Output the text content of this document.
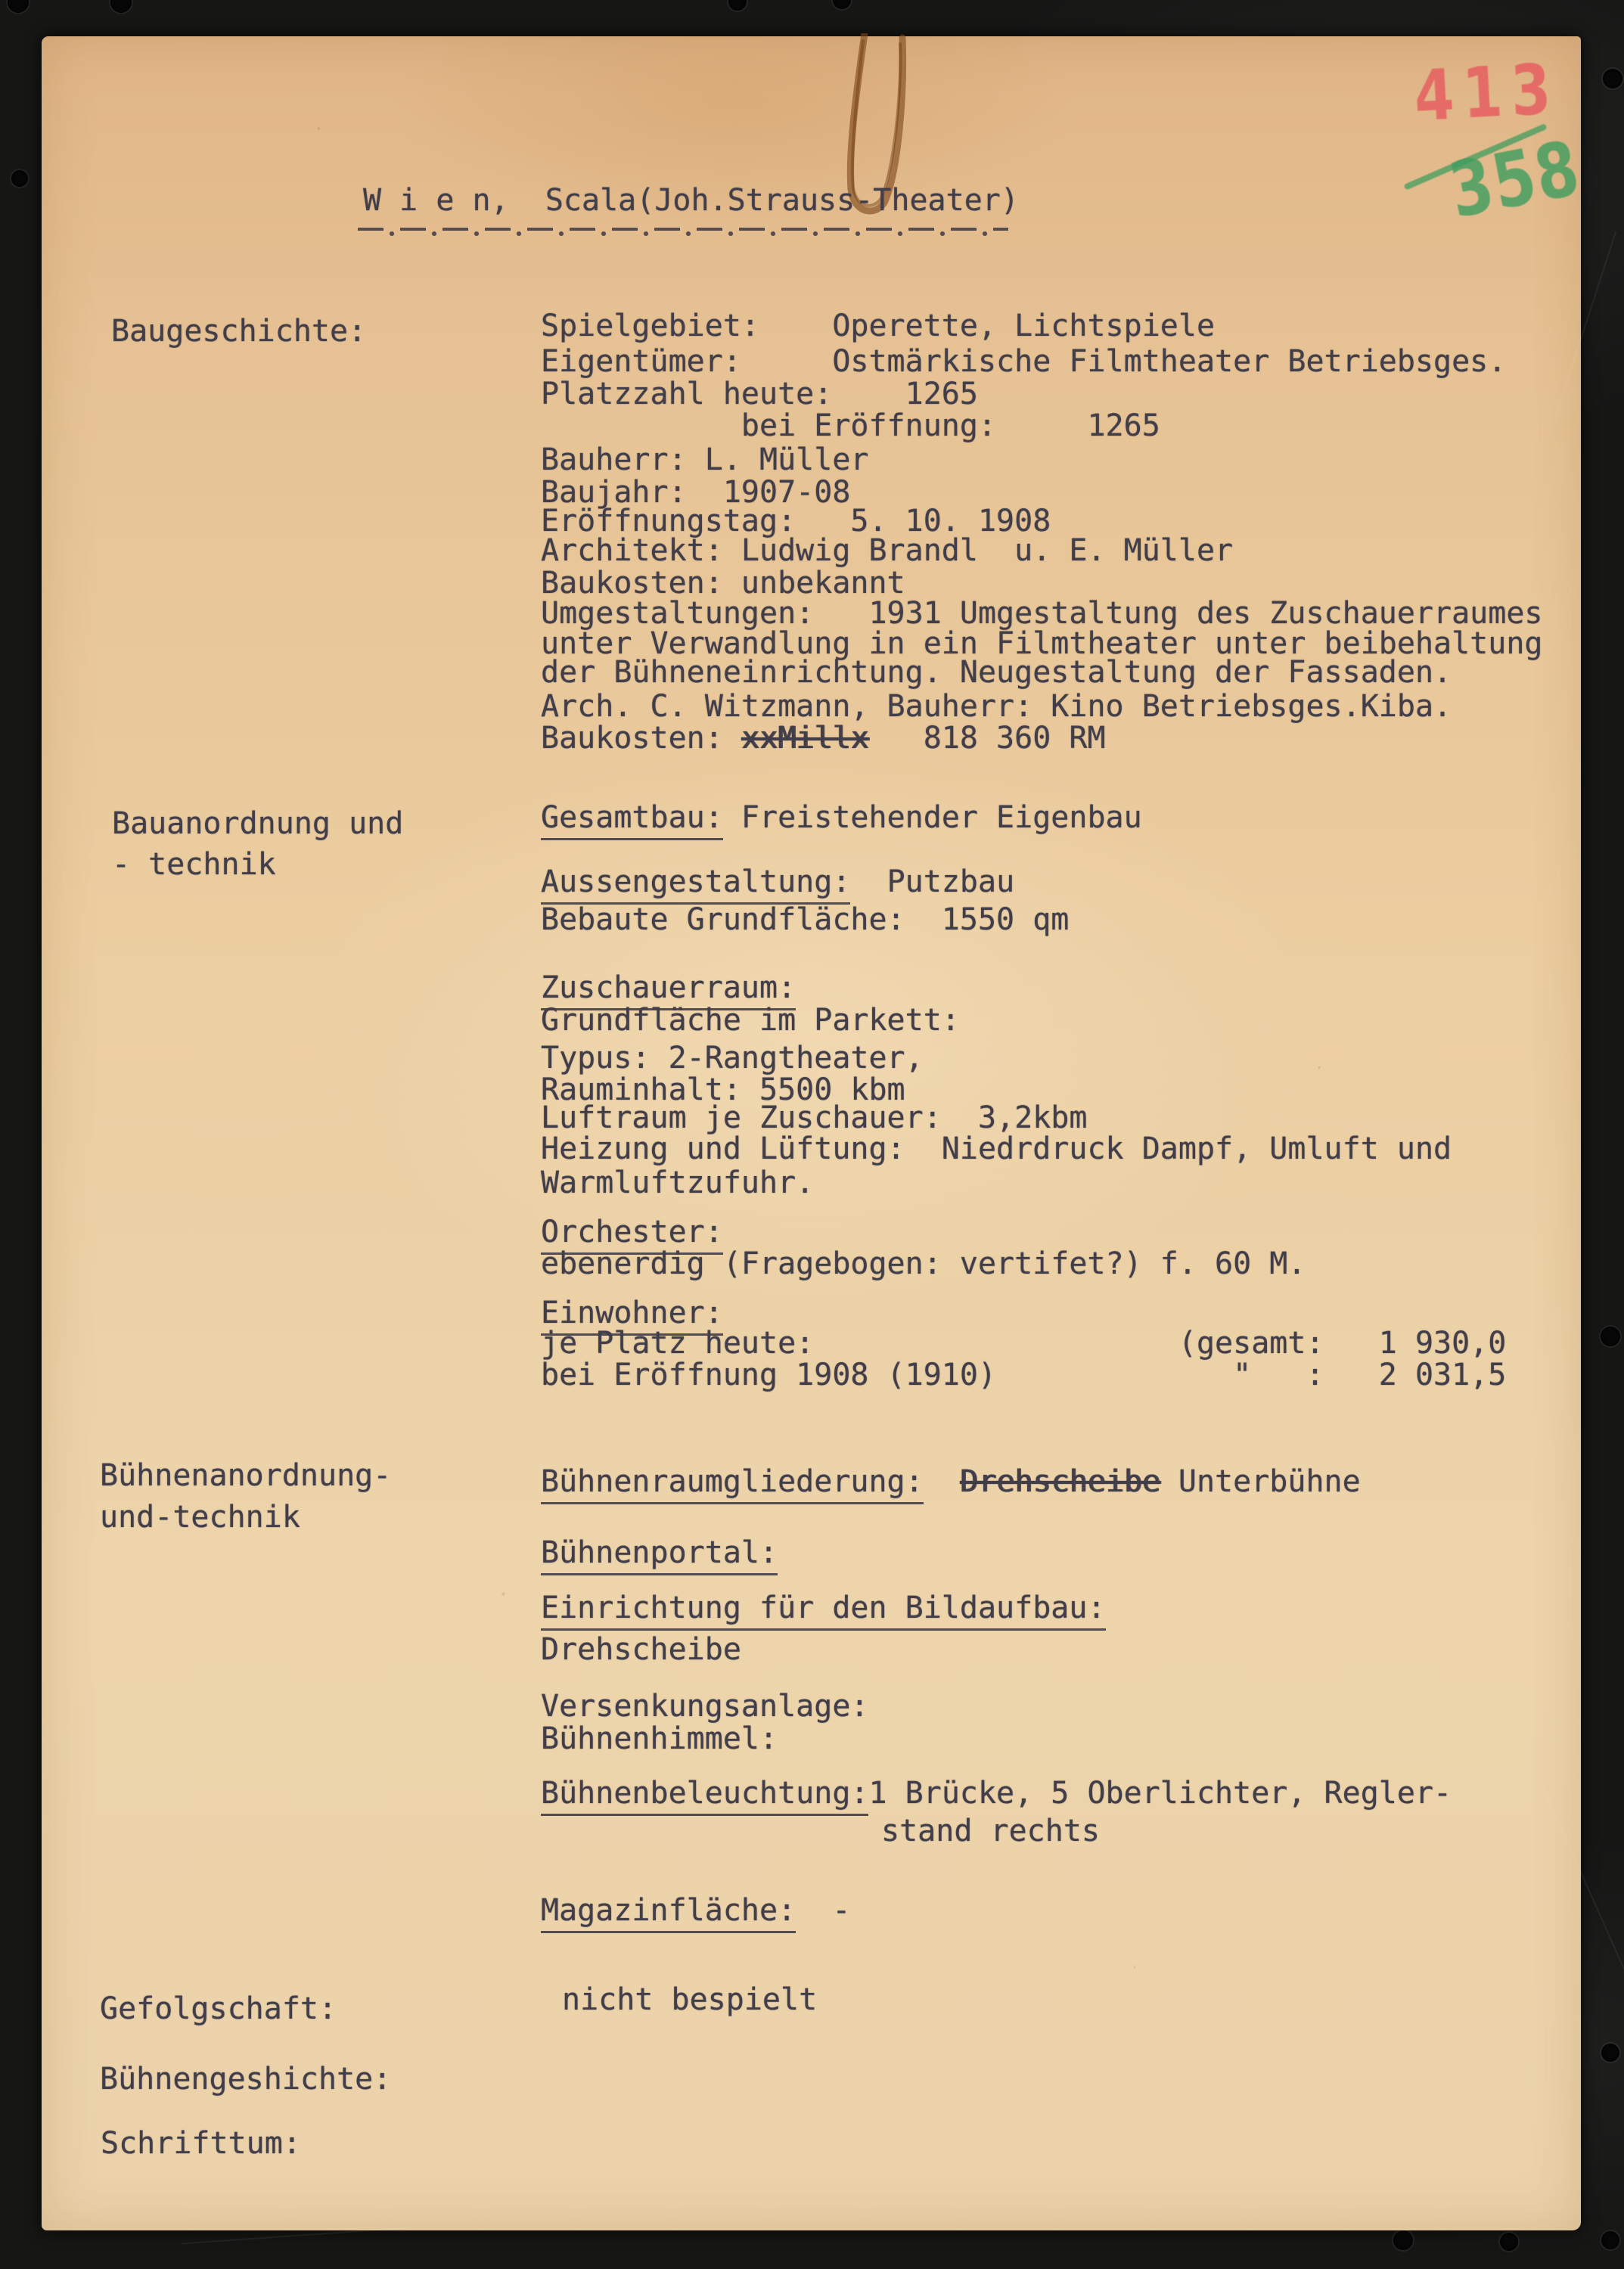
413
358
W i e n,  Scala(Joh.Strauss-Theater)
Baugeschichte:	Spielgebiet:    Operette, Lichtspiele
Eigentümer:     Ostmärkische Filmtheater Betriebsges.
Platzzahl heute:    1265
bei Eröffnung:     1265
Bauherr: L. Müller
Baujahr:  1907-08
Eröffnungstag:   5. 10. 1908
Architekt: Ludwig Brandl  u. E. Müller
Baukosten: unbekannt
Umgestaltungen:   1931 Umgestaltung des Zuschauerraumes
unter Verwandlung in ein Filmtheater unter beibehaltung
der Bühneneinrichtung. Neugestaltung der Fassaden.
Arch. C. Witzmann, Bauherr: Kino Betriebsges.Kiba.
Baukosten: xxMillx   818 360 RM
Bauanordnung und
- technik
Gesamtbau: Freistehender Eigenbau
Aussengestaltung:  Putzbau
Bebaute Grundfläche:  1550 qm
Zuschauerraum:
Grundfläche im Parkett:
Typus: 2-Rangtheater,
Rauminhalt: 5500 kbm
Luftraum je Zuschauer:  3,2kbm
Heizung und Lüftung:  Niedrdruck Dampf, Umluft und
Warmluftzufuhr.
Orchester:
ebenerdig (Fragebogen: vertifet?) f. 60 M.
Einwohner:
je Platz heute:                    (gesamt:   1 930,0
bei Eröffnung 1908 (1910)             "   :   2 031,5
Bühnenanordnung-
und-technik
Bühnenraumgliederung: Drehscheibe Unterbühne
Bühnenportal:
Einrichtung für den Bildaufbau:
Drehscheibe
Versenkungsanlage:
Bühnenhimmel:
Bühnenbeleuchtung:1 Brücke, 5 Oberlichter, Regler-
stand rechts
Magazinfläche:  -
Gefolgschaft:	nicht bespielt
Bühnengeshichte:
Schrifttum:
